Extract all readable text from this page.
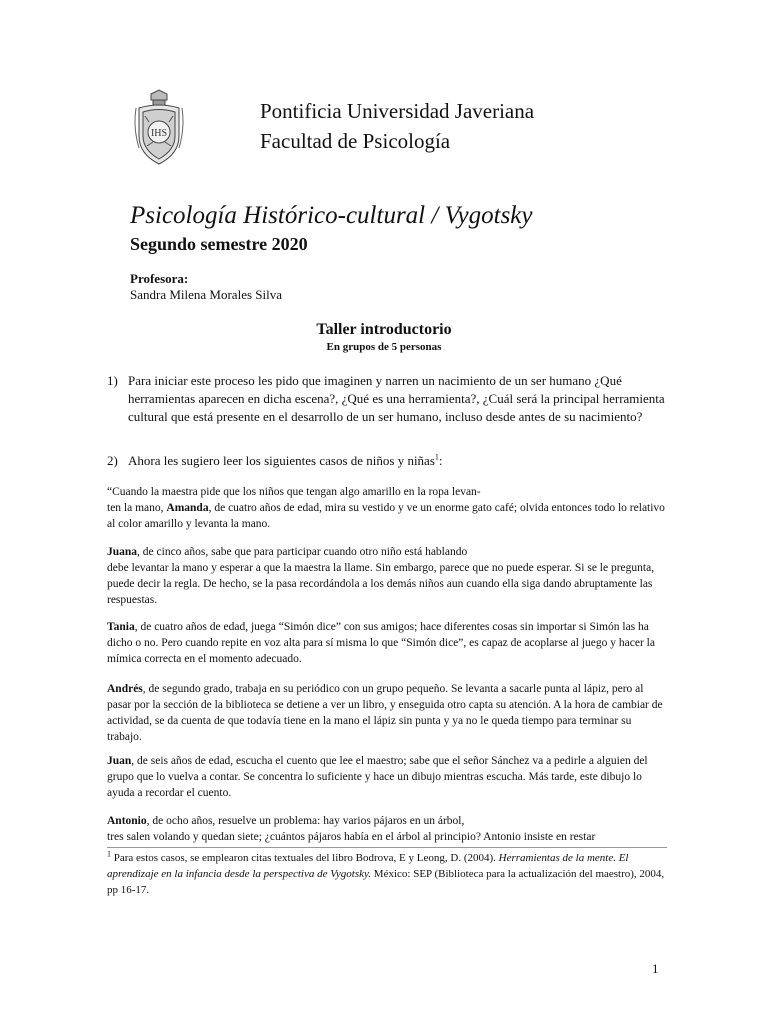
IHS
Pontificia Universidad Javeriana
Facultad de Psicología
Psicología Histórico-cultural / Vygotsky
Segundo semestre 2020
Profesora:
Sandra Milena Morales Silva
Taller introductorio
En grupos de 5 personas
1) Para iniciar este proceso les pido que imaginen y narren un nacimiento de un ser humano ¿Qué herramientas aparecen en dicha escena?, ¿Qué es una herramienta?, ¿Cuál será la principal herramienta cultural que está presente en el desarrollo de un ser humano, incluso desde antes de su nacimiento?
2) Ahora les sugiero leer los siguientes casos de niños y niñas$^1$:
“Cuando la maestra pide que los niños que tengan algo amarillo en la ropa levan-
ten la mano, Amanda, de cuatro años de edad, mira su vestido y ve un enorme gato café; olvida entonces todo lo relativo al color amarillo y levanta la mano.
Juana, de cinco años, sabe que para participar cuando otro niño está hablando
debe levantar la mano y esperar a que la maestra la llame. Sin embargo, parece que no puede esperar. Si se le pregunta, puede decir la regla. De hecho, se la pasa recordándola a los demás niños aun cuando ella siga dando abruptamente las respuestas.
Tania, de cuatro años de edad, juega “Simón dice” con sus amigos; hace diferentes cosas sin importar si Simón las ha dicho o no. Pero cuando repite en voz alta para sí misma lo que “Simón dice”, es capaz de acoplarse al juego y hacer la mímica correcta en el momento adecuado.
Andrés, de segundo grado, trabaja en su periódico con un grupo pequeño. Se levanta a sacarle punta al lápiz, pero al pasar por la sección de la biblioteca se detiene a ver un libro, y enseguida otro capta su atención. A la hora de cambiar de actividad, se da cuenta de que todavía tiene en la mano el lápiz sin punta y ya no le queda tiempo para terminar su trabajo.
Juan, de seis años de edad, escucha el cuento que lee el maestro; sabe que el señor Sánchez va a pedirle a alguien del grupo que lo vuelva a contar. Se concentra lo suficiente y hace un dibujo mientras escucha. Más tarde, este dibujo lo ayuda a recordar el cuento.
Antonio, de ocho años, resuelve un problema: hay varios pájaros en un árbol,
tres salen volando y quedan siete; ¿cuántos pájaros había en el árbol al principio? Antonio insiste en restar
$^1$ Para estos casos, se emplearon citas textuales del libro Bodrova, E y Leong, D. (2004). Herramientas de la mente. El aprendizaje en la infancia desde la perspectiva de Vygotsky. México: SEP (Biblioteca para la actualización del maestro), 2004, pp 16-17.
1
